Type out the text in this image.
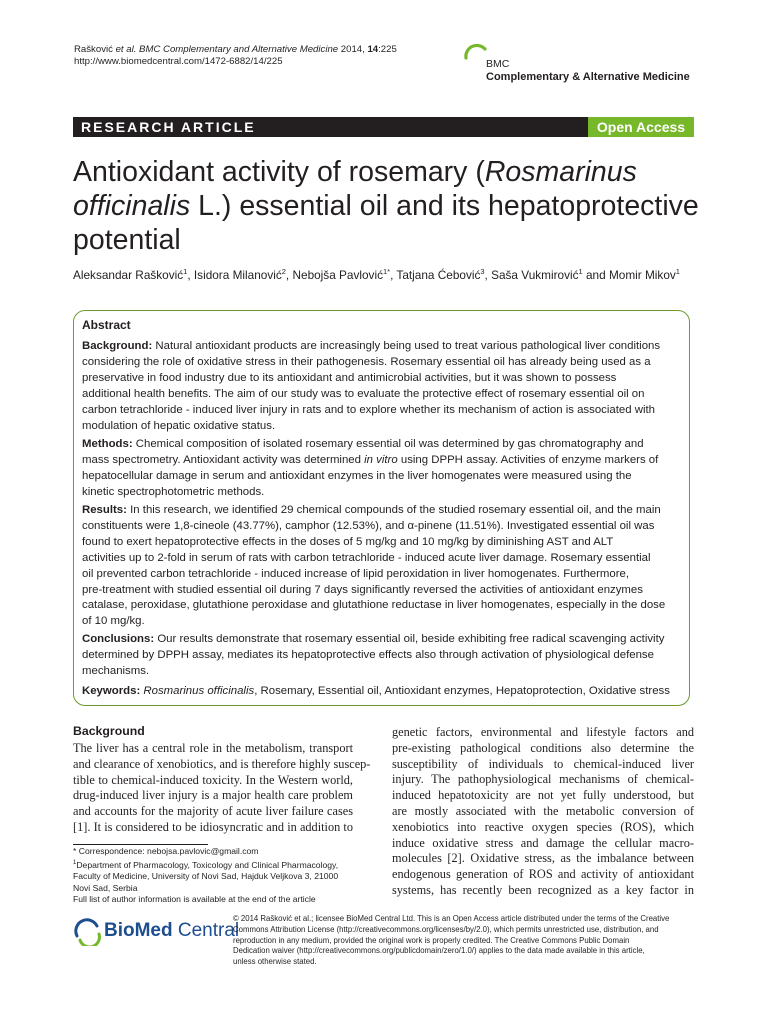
Rašković et al. BMC Complementary and Alternative Medicine 2014, 14:225
http://www.biomedcentral.com/1472-6882/14/225	BMC
Complementary & Alternative Medicine
RESEARCH ARTICLE	Open Access
Antioxidant activity of rosemary (Rosmarinus
officinalis L.) essential oil and its hepatoprotective
potential
Aleksandar Rašković$^1$, Isidora Milanović$^2$, Nebojša Pavlović$^{1*}$, Tatjana Ćebović$^3$, Saša Vukmirović$^1$ and Momir Mikov$^1$
Abstract
Background: Natural antioxidant products are increasingly being used to treat various pathological liver conditions
considering the role of oxidative stress in their pathogenesis. Rosemary essential oil has already being used as a
preservative in food industry due to its antioxidant and antimicrobial activities, but it was shown to possess
additional health benefits. The aim of our study was to evaluate the protective effect of rosemary essential oil on
carbon tetrachloride - induced liver injury in rats and to explore whether its mechanism of action is associated with
modulation of hepatic oxidative status.
Methods: Chemical composition of isolated rosemary essential oil was determined by gas chromatography and
mass spectrometry. Antioxidant activity was determined in vitro using DPPH assay. Activities of enzyme markers of
hepatocellular damage in serum and antioxidant enzymes in the liver homogenates were measured using the
kinetic spectrophotometric methods.
Results: In this research, we identified 29 chemical compounds of the studied rosemary essential oil, and the main
constituents were 1,8-cineole (43.77%), camphor (12.53%), and α-pinene (11.51%). Investigated essential oil was
found to exert hepatoprotective effects in the doses of 5 mg/kg and 10 mg/kg by diminishing AST and ALT
activities up to 2-fold in serum of rats with carbon tetrachloride - induced acute liver damage. Rosemary essential
oil prevented carbon tetrachloride - induced increase of lipid peroxidation in liver homogenates. Furthermore,
pre-treatment with studied essential oil during 7 days significantly reversed the activities of antioxidant enzymes
catalase, peroxidase, glutathione peroxidase and glutathione reductase in liver homogenates, especially in the dose
of 10 mg/kg.
Conclusions: Our results demonstrate that rosemary essential oil, beside exhibiting free radical scavenging activity
determined by DPPH assay, mediates its hepatoprotective effects also through activation of physiological defense
mechanisms.
Keywords: Rosmarinus officinalis, Rosemary, Essential oil, Antioxidant enzymes, Hepatoprotection, Oxidative stress
Background
The liver has a central role in the metabolism, transport
and clearance of xenobiotics, and is therefore highly suscep-
tible to chemical-induced toxicity. In the Western world,
drug-induced liver injury is a major health care problem
and accounts for the majority of acute liver failure cases
[1]. It is considered to be idiosyncratic and in addition to
genetic factors, environmental and lifestyle factors and
pre-existing pathological conditions also determine the
susceptibility of individuals to chemical-induced liver
injury. The pathophysiological mechanisms of chemical-
induced hepatotoxicity are not yet fully understood, but
are mostly associated with the metabolic conversion of
xenobiotics into reactive oxygen species (ROS), which
induce oxidative stress and damage the cellular macro-
molecules [2]. Oxidative stress, as the imbalance between
endogenous generation of ROS and activity of antioxidant
systems, has recently been recognized as a key factor in
* Correspondence: nebojsa.pavlovic@gmail.com
$^1$Department of Pharmacology, Toxicology and Clinical Pharmacology,
Faculty of Medicine, University of Novi Sad, Hajduk Veljkova 3, 21000
Novi Sad, Serbia
Full list of author information is available at the end of the article
BioMed Central
© 2014 Rašković et al.; licensee BioMed Central Ltd. This is an Open Access article distributed under the terms of the Creative
Commons Attribution License (http://creativecommons.org/licenses/by/2.0), which permits unrestricted use, distribution, and
reproduction in any medium, provided the original work is properly credited. The Creative Commons Public Domain
Dedication waiver (http://creativecommons.org/publicdomain/zero/1.0/) applies to the data made available in this article,
unless otherwise stated.
